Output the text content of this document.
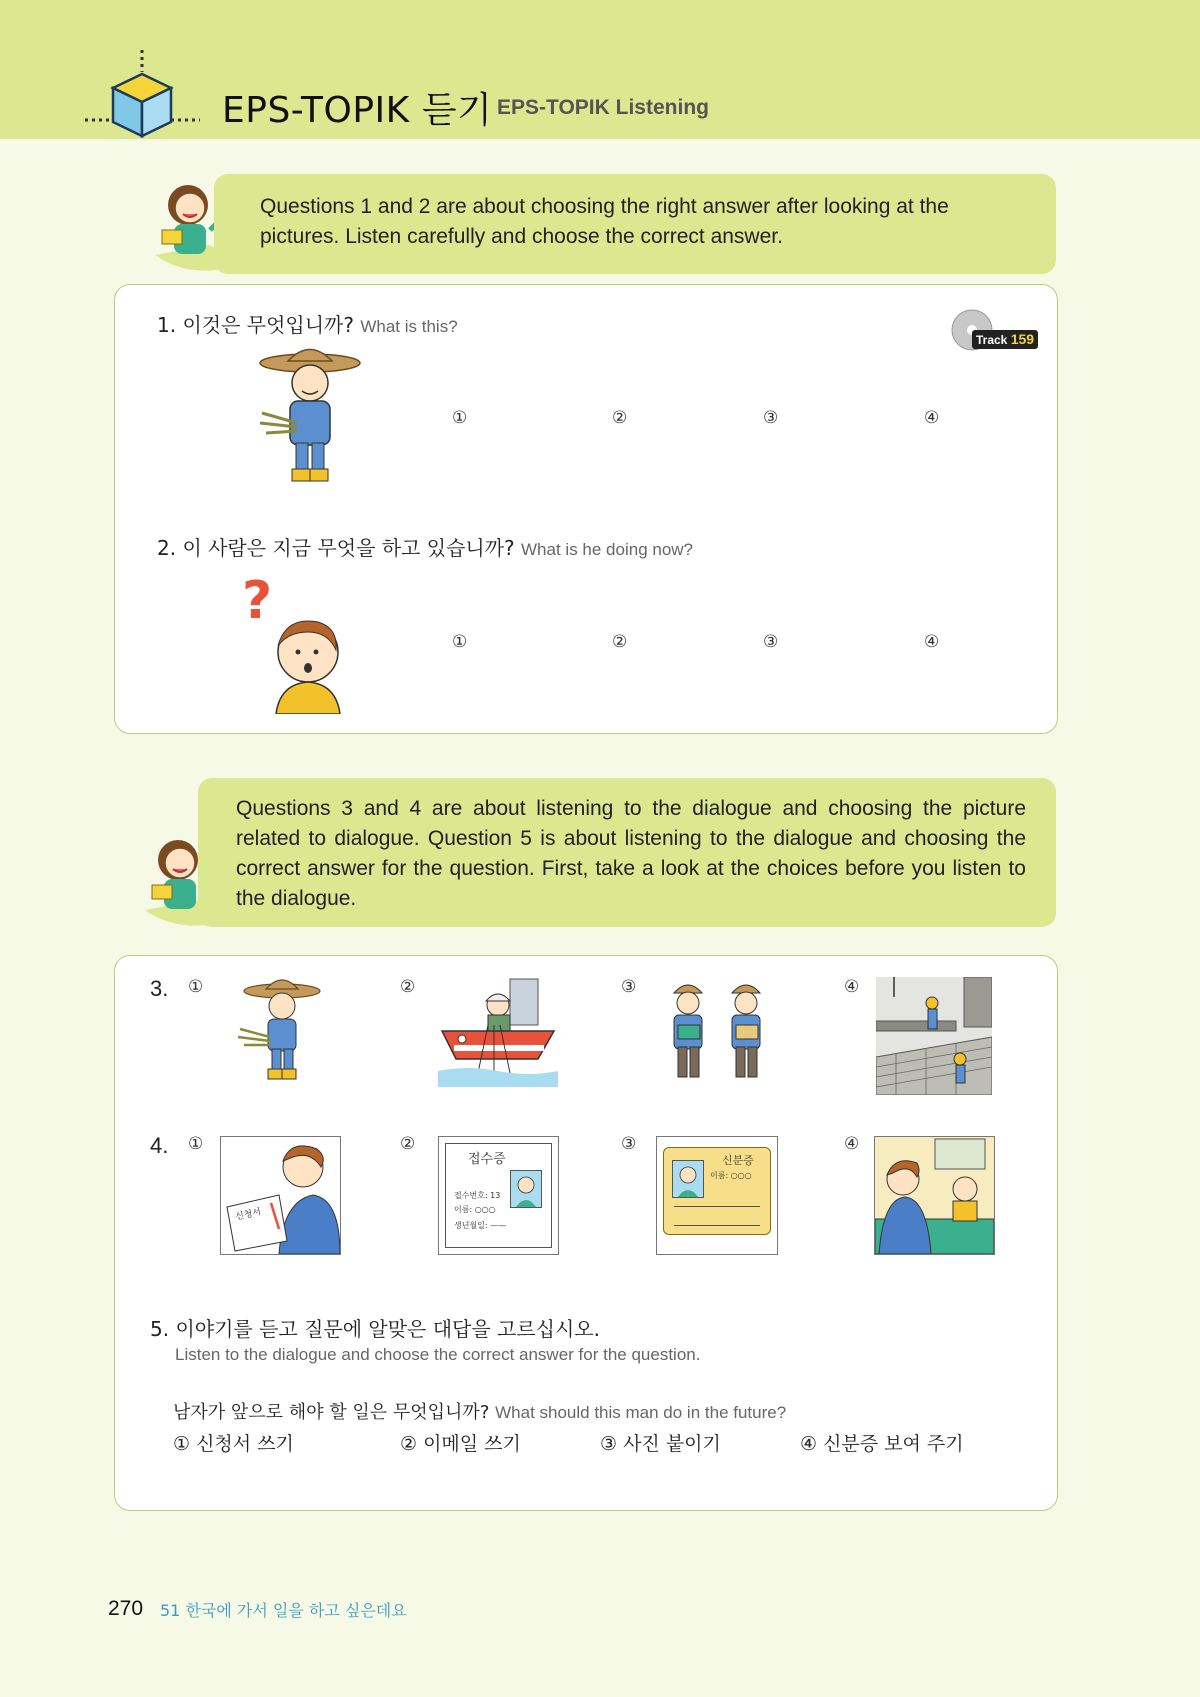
EPS-TOPIK 듣기 EPS-TOPIK Listening
Questions 1 and 2 are about choosing the right answer after looking at the pictures. Listen carefully and choose the correct answer.
1. 이것은 무엇입니까? What is this?
Track 159
①	②	③	④
2. 이 사람은 지금 무엇을 하고 있습니까? What is he doing now?
?
①	②	③	④
Questions 3 and 4 are about listening to the dialogue and choosing the picture related to dialogue. Question 5 is about listening to the dialogue and choosing the correct answer for the question. First, take a look at the choices before you listen to the dialogue.
3. ①	②	③	④
4. ①
신청서
②
접수증
접수번호: 13
이름: ○○○
생년월일: ——
③
신분증
이름: ○○○
④
5. 이야기를 듣고 질문에 알맞은 대답을 고르십시오.
Listen to the dialogue and choose the correct answer for the question.
남자가 앞으로 해야 할 일은 무엇입니까? What should this man do in the future?
① 신청서 쓰기	② 이메일 쓰기	③ 사진 붙이기	④ 신분증 보여 주기
270 51 한국에 가서 일을 하고 싶은데요
